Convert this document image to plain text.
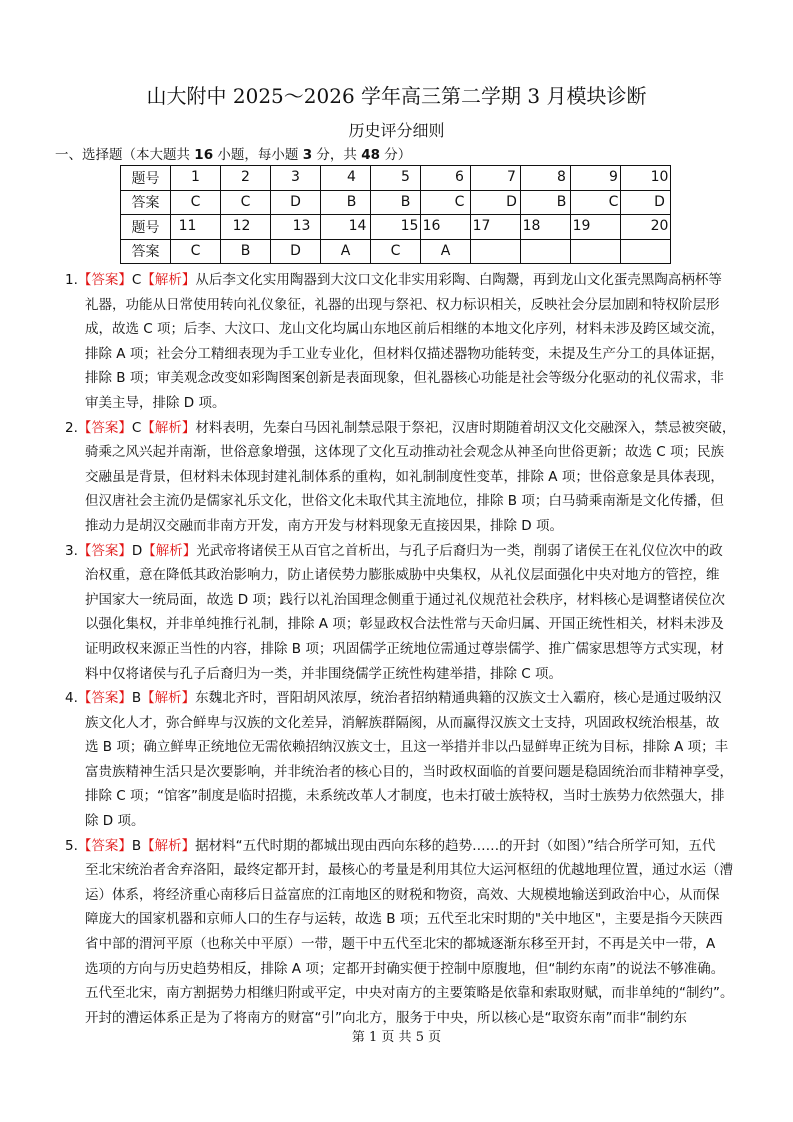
山大附中 2025～2026 学年高三第二学期 3 月模块诊断
历史评分细则
一、选择题（本大题共 16 小题，每小题 3 分，共 48 分）
题号	1	2	3	4	5	6	7	8	9	10

答案	C	C	D	B	B	C	D	B	C	D

题号	11	12	13	14	15	16	17	18	19	20

答案	C	B	D	A	C	A				

1.【答案】C【解析】从后李文化实用陶器到大汶口文化非实用彩陶、白陶鬶，再到龙山文化蛋壳黑陶高柄杯等
礼器，功能从日常使用转向礼仪象征，礼器的出现与祭祀、权力标识相关，反映社会分层加剧和特权阶层形
成，故选 C 项；后李、大汶口、龙山文化均属山东地区前后相继的本地文化序列，材料未涉及跨区域交流，
排除 A 项；社会分工精细表现为手工业专业化，但材料仅描述器物功能转变，未提及生产分工的具体证据，
排除 B 项；审美观念改变如彩陶图案创新是表面现象，但礼器核心功能是社会等级分化驱动的礼仪需求，非
审美主导，排除 D 项。
2.【答案】C【解析】材料表明，先秦白马因礼制禁忌限于祭祀，汉唐时期随着胡汉文化交融深入，禁忌被突破，
骑乘之风兴起并南渐，世俗意象增强，这体现了文化互动推动社会观念从神圣向世俗更新；故选 C 项；民族
交融虽是背景，但材料未体现封建礼制体系的重构，如礼制制度性变革，排除 A 项；世俗意象是具体表现，
但汉唐社会主流仍是儒家礼乐文化，世俗文化未取代其主流地位，排除 B 项；白马骑乘南渐是文化传播，但
推动力是胡汉交融而非南方开发，南方开发与材料现象无直接因果，排除 D 项。
3.【答案】D【解析】光武帝将诸侯王从百官之首析出，与孔子后裔归为一类，削弱了诸侯王在礼仪位次中的政
治权重，意在降低其政治影响力，防止诸侯势力膨胀威胁中央集权，从礼仪层面强化中央对地方的管控，维
护国家大一统局面，故选 D 项；践行以礼治国理念侧重于通过礼仪规范社会秩序，材料核心是调整诸侯位次
以强化集权，并非单纯推行礼制，排除 A 项；彰显政权合法性常与天命归属、开国正统性相关，材料未涉及
证明政权来源正当性的内容，排除 B 项；巩固儒学正统地位需通过尊崇儒学、推广儒家思想等方式实现，材
料中仅将诸侯与孔子后裔归为一类，并非围绕儒学正统性构建举措，排除 C 项。
4.【答案】B【解析】东魏北齐时，晋阳胡风浓厚，统治者招纳精通典籍的汉族文士入霸府，核心是通过吸纳汉
族文化人才，弥合鲜卑与汉族的文化差异，消解族群隔阂，从而赢得汉族文士支持，巩固政权统治根基，故
选 B 项；确立鲜卑正统地位无需依赖招纳汉族文士，且这一举措并非以凸显鲜卑正统为目标，排除 A 项；丰
富贵族精神生活只是次要影响，并非统治者的核心目的，当时政权面临的首要问题是稳固统治而非精神享受，
排除 C 项；“馆客”制度是临时招揽，未系统改革人才制度，也未打破士族特权，当时士族势力依然强大，排
除 D 项。
5.【答案】B【解析】据材料“五代时期的都城出现由西向东移的趋势……的开封（如图）”结合所学可知，五代
至北宋统治者舍弃洛阳，最终定都开封，最核心的考量是利用其位大运河枢纽的优越地理位置，通过水运（漕
运）体系，将经济重心南移后日益富庶的江南地区的财税和物资，高效、大规模地输送到政治中心，从而保
障庞大的国家机器和京师人口的生存与运转，故选 B 项；五代至北宋时期的"关中地区"，主要是指今天陕西
省中部的渭河平原（也称关中平原）一带，题干中五代至北宋的都城逐渐东移至开封，不再是关中一带，A
选项的方向与历史趋势相反，排除 A 项；定都开封确实便于控制中原腹地，但“制约东南”的说法不够准确。
五代至北宋，南方割据势力相继归附或平定，中央对南方的主要策略是依靠和索取财赋，而非单纯的“制约”。
开封的漕运体系正是为了将南方的财富“引”向北方，服务于中央，所以核心是“取资东南”而非“制约东
第 1 页 共 5 页
